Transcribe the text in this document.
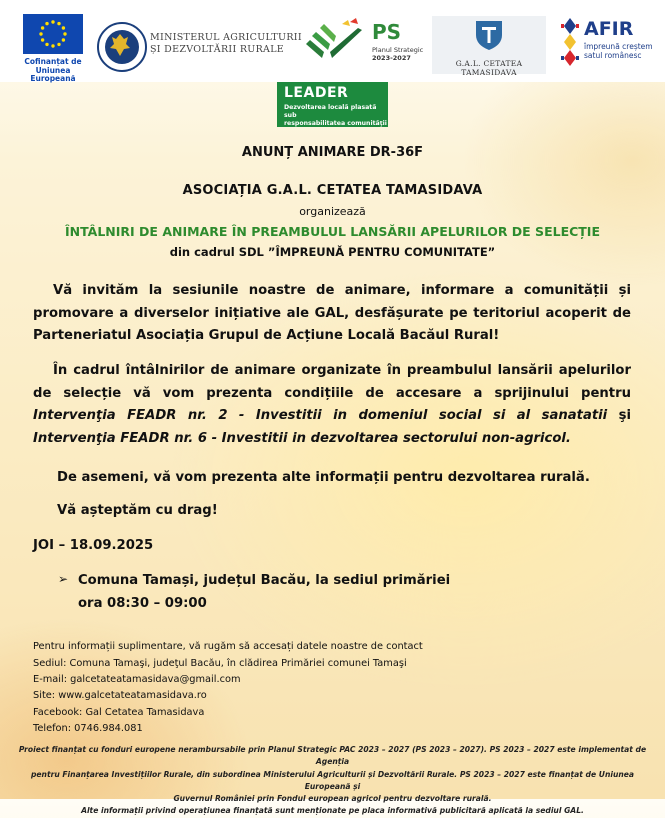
Cofinanțat de Uniunea Europeană
MINISTERUL AGRICULTURII
ȘI DEZVOLTĂRII RURALE
PS
Planul Strategic
2023-2027
G.A.L. CETATEA TAMASIDAVA
AFIR
împreună creștem
satul românesc
LEADER
Dezvoltarea locală plasată sub
responsabilitatea comunităţii
ANUNȚ ANIMARE DR-36F
ASOCIAȚIA G.A.L. CETATEA TAMASIDAVA
organizează
ÎNTÂLNIRI DE ANIMARE ÎN PREAMBULUL LANSĂRII APELURILOR DE SELECȚIE
din cadrul SDL ”ÎMPREUNĂ PENTRU COMUNITATE”

Vă invităm la sesiunile noastre de animare, informare a comunității și promovare a diverselor inițiative ale GAL, desfășurate pe teritoriul acoperit de Parteneriatul Asociația Grupul de Acțiune Locală Bacăul Rural!

În cadrul întâlnirilor de animare organizate în preambulul lansării apelurilor de selecție vă vom prezenta condițiile de accesare a sprijinului pentru Intervenţia FEADR nr. 2 - Investitii in domeniul social si al sanatatii şi Intervenţia FEADR nr. 6 - Investitii in dezvoltarea sectorului non-agricol.

De asemeni, vă vom prezenta alte informații pentru dezvoltarea rurală.
Vă așteptăm cu drag!
JOI – 18.09.2025
➢ Comuna Tamași, județul Bacău, la sediul primăriei
ora 08:30 – 09:00
Pentru informații suplimentare, vă rugăm să accesați datele noastre de contact
Sediul: Comuna Tamaşi, judeţul Bacău, în clădirea Primăriei comunei Tamaşi
E-mail: galcetateatamasidava@gmail.com
Site: www.galcetateatamasidava.ro
Facebook: Gal Cetatea Tamasidava
Telefon: 0746.984.081
Proiect finanțat cu fonduri europene nerambursabile prin Planul Strategic PAC 2023 – 2027 (PS 2023 – 2027). PS 2023 – 2027 este implementat de Agenția
pentru Finanțarea Investițiilor Rurale, din subordinea Ministerului Agriculturii și Dezvoltării Rurale. PS 2023 – 2027 este finanțat de Uniunea Europeană și
Guvernul României prin Fondul european agricol pentru dezvoltare rurală.
Alte informații privind operațiunea finanțată sunt menționate pe placa informativă publicitară aplicată la sediul GAL.
